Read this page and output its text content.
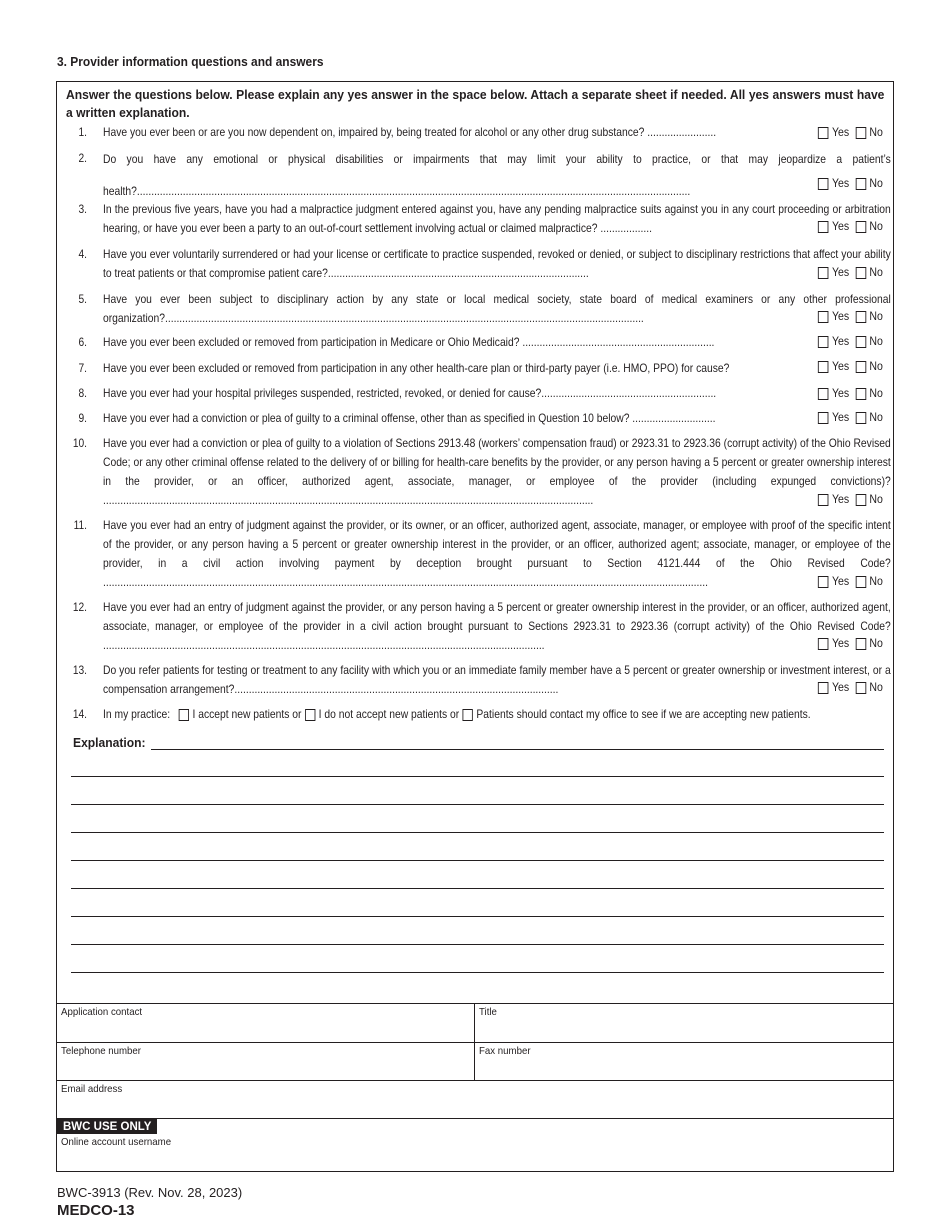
3. Provider information questions and answers
Answer the questions below. Please explain any yes answer in the space below. Attach a separate sheet if needed. All yes answers must have a written explanation.
1. Have you ever been or are you now dependent on, impaired by, being treated for alcohol or any other drug substance? ........................	Yes No
2. Do you have any emotional or physical disabilities or impairments that may limit your ability to practice, or that may jeopardize a patient’s health?.................................................................................................................................................................................................
Yes No
3. In the previous five years, have you had a malpractice judgment entered against you, have any pending malpractice suits against you in any court proceeding or arbitration hearing, or have you ever been a party to an out-of-court settlement involving actual or claimed malpractice? ..................	Yes No
4. Have you ever voluntarily surrendered or had your license or certificate to practice suspended, revoked or denied, or subject to disciplinary restrictions that affect your ability to treat patients or that compromise patient care?...........................................................................................	Yes No
5. Have you ever been subject to disciplinary action by any state or local medical society, state board of medical examiners or any other professional organization?.......................................................................................................................................................................	Yes No
6. Have you ever been excluded or removed from participation in Medicare or Ohio Medicaid? ...................................................................	Yes No
7. Have you ever been excluded or removed from participation in any other health-care plan or third-party payer (i.e. HMO, PPO) for cause?	Yes No
8. Have you ever had your hospital privileges suspended, restricted, revoked, or denied for cause?.............................................................	Yes No
9. Have you ever had a conviction or plea of guilty to a criminal offense, other than as specified in Question 10 below? .............................	Yes No
10. Have you ever had a conviction or plea of guilty to a violation of Sections 2913.48 (workers’ compensation fraud) or 2923.31 to 2923.36 (corrupt activity) of the Ohio Revised Code; or any other criminal offense related to the delivery of or billing for health-care benefits by the provider, or any person having a 5 percent or greater ownership interest in the provider, or an officer, authorized agent, associate, manager, or employee of the provider (including expunged convictions)? ...........................................................................................................................................................................	Yes No
11. Have you ever had an entry of judgment against the provider, or its owner, or an officer, authorized agent, associate, manager, or employee with proof of the specific intent of the provider, or any person having a 5 percent or greater ownership interest in the provider, or an officer, authorized agent; associate, manager, or employee of the provider, in a civil action involving payment by deception brought pursuant to Section 4121.444 of the Ohio Revised Code? ...................................................................................................................................................................................................................	Yes No
12. Have you ever had an entry of judgment against the provider, or any person having a 5 percent or greater ownership interest in the provider, or an officer, authorized agent, associate, manager, or employee of the provider in a civil action brought pursuant to Sections 2923.31 to 2923.36 (corrupt activity) of the Ohio Revised Code? ..........................................................................................................................................................	Yes No
13. Do you refer patients for testing or treatment to any facility with which you or an immediate family member have a 5 percent or greater ownership or investment interest, or a compensation arrangement?.................................................................................................................	Yes No
14. In my practice: I accept new patients or I do not accept new patients or Patients should contact my office to see if we are accepting new patients.
Explanation:
Application contact	Title
Telephone number	Fax number
Email address
BWC USE ONLY
Online account username
BWC-3913 (Rev. Nov. 28, 2023)
MEDCO-13
